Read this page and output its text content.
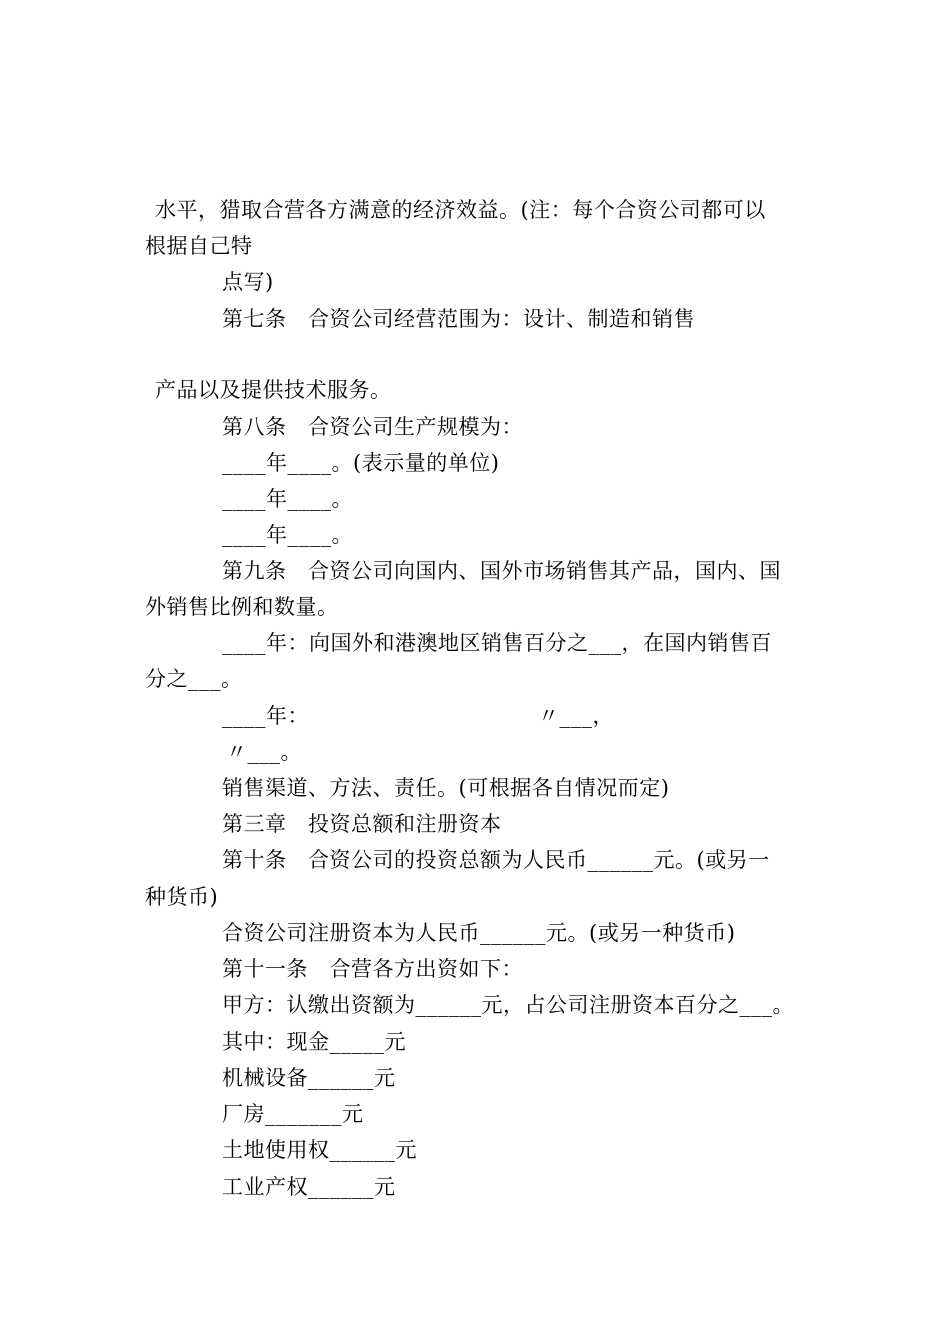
水平，猎取合营各方满意的经济效益。(注：每个合资公司都可以

根据自己特

点写)

第七条　合资公司经营范围为：设计、制造和销售

产品以及提供技术服务。

第八条　合资公司生产规模为：

____年____。(表示量的单位)

____年____。

____年____。

第九条　合资公司向国内、国外市场销售其产品，国内、国

外销售比例和数量。

____年：向国外和港澳地区销售百分之___，在国内销售百

分之___。

____年：	〃___，

〃___。

销售渠道、方法、责任。(可根据各自情况而定)

第三章　投资总额和注册资本

第十条　合资公司的投资总额为人民币______元。(或另一

种货币)

合资公司注册资本为人民币______元。(或另一种货币)

第十一条　合营各方出资如下：

甲方：认缴出资额为______元，占公司注册资本百分之___。

其中：现金_____元

机械设备______元

厂房_______元

土地使用权______元

工业产权______元
